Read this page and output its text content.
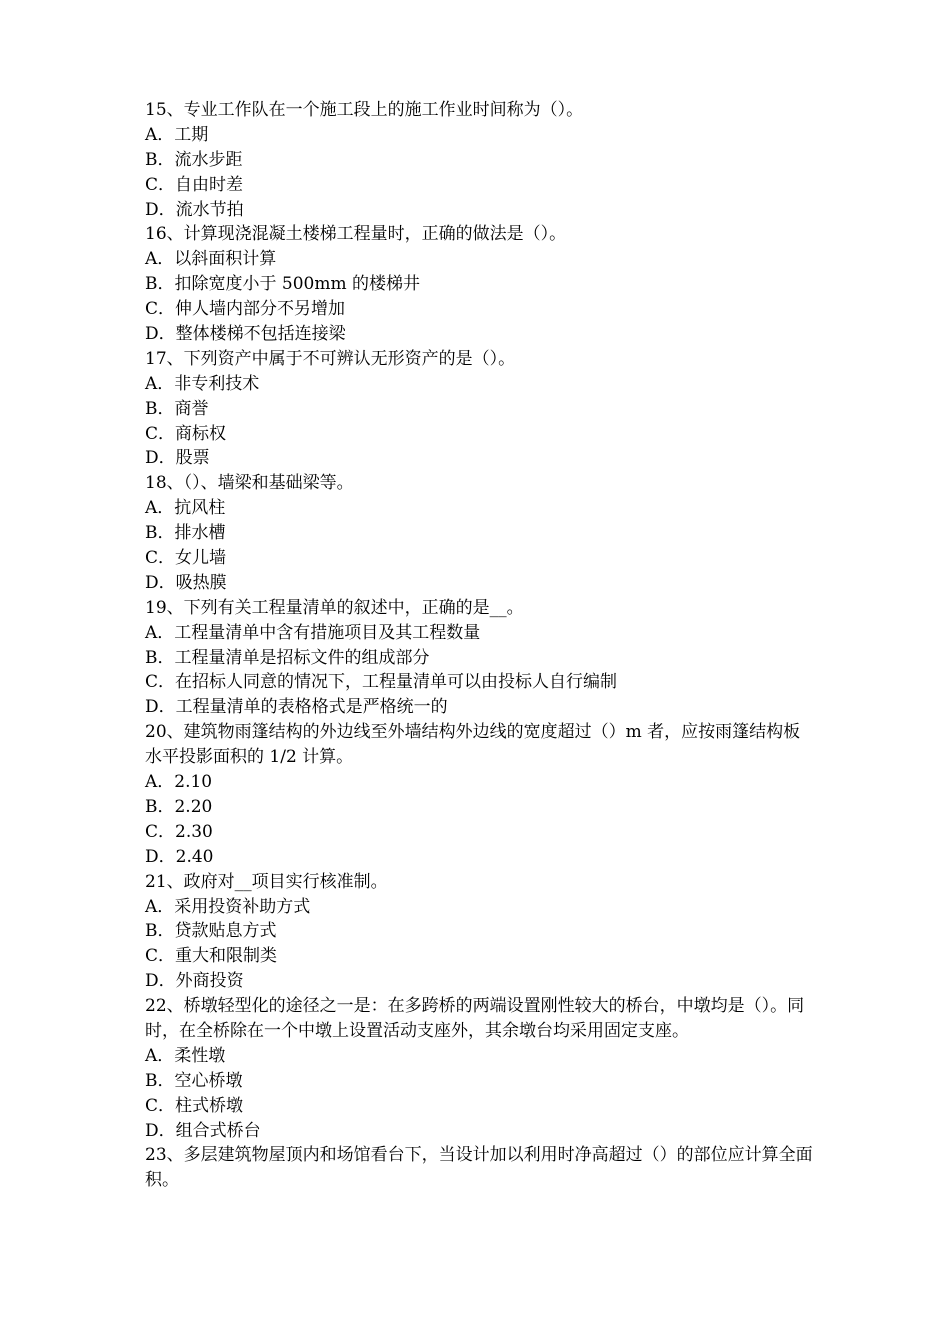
15、专业工作队在一个施工段上的施工作业时间称为（）。
A．工期
B．流水步距
C．自由时差
D．流水节拍
16、计算现浇混凝土楼梯工程量时，正确的做法是（）。
A．以斜面积计算
B．扣除宽度小于 500mm 的楼梯井
C．伸人墙内部分不另增加
D．整体楼梯不包括连接梁
17、下列资产中属于不可辨认无形资产的是（）。
A．非专利技术
B．商誉
C．商标权
D．股票
18、（）、墙梁和基础梁等。
A．抗风柱
B．排水槽
C．女儿墙
D．吸热膜
19、下列有关工程量清单的叙述中，正确的是__。
A．工程量清单中含有措施项目及其工程数量
B．工程量清单是招标文件的组成部分
C．在招标人同意的情况下，工程量清单可以由投标人自行编制
D．工程量清单的表格格式是严格统一的
20、建筑物雨篷结构的外边线至外墙结构外边线的宽度超过（）m 者，应按雨篷结构板水平投影面积的 1/2 计算。
A．2.10
B．2.20
C．2.30
D．2.40
21、政府对__项目实行核准制。
A．采用投资补助方式
B．贷款贴息方式
C．重大和限制类
D．外商投资
22、桥墩轻型化的途径之一是：在多跨桥的两端设置刚性较大的桥台，中墩均是（）。同时，在全桥除在一个中墩上设置活动支座外，其余墩台均采用固定支座。
A．柔性墩
B．空心桥墩
C．柱式桥墩
D．组合式桥台
23、多层建筑物屋顶内和场馆看台下，当设计加以利用时净高超过（）的部位应计算全面积。
